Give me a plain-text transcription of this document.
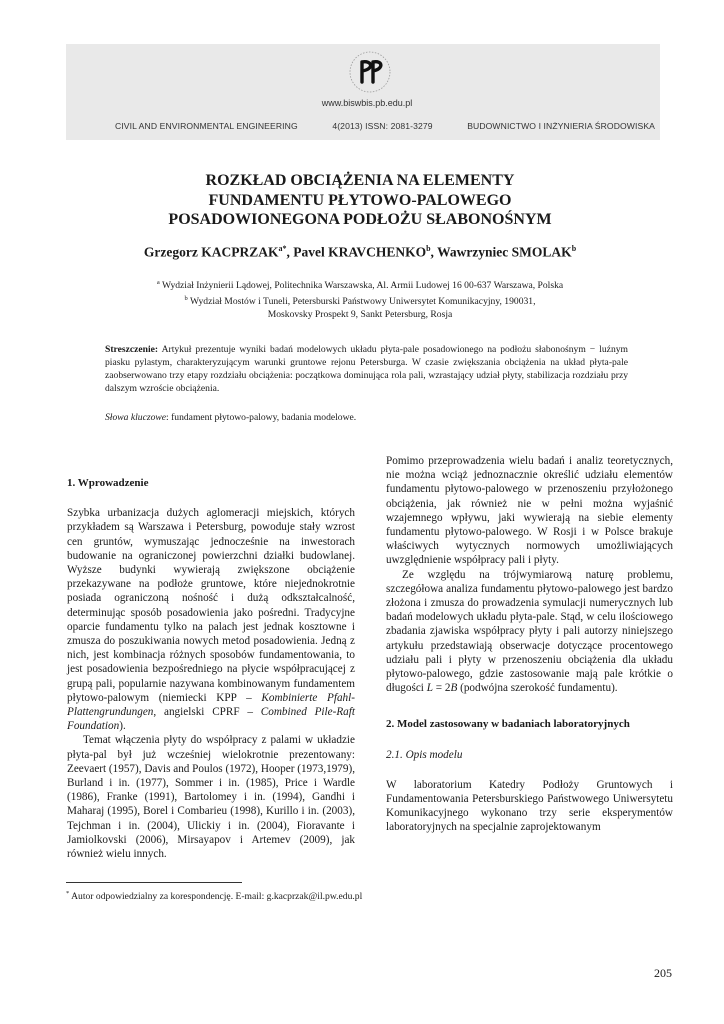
www.biswbis.pb.edu.pl
CIVIL AND ENVIRONMENTAL ENGINEERING	4(2013) ISSN: 2081-3279	BUDOWNICTWO I INŻYNIERIA ŚRODOWISKA
ROZKŁAD OBCIĄŻENIA NA ELEMENTY
FUNDAMENTU PŁYTOWO-PALOWEGO
POSADOWIONEGONA PODŁOŻU SŁABONOŚNYM
Grzegorz $KACPRZAK^{a*}$, Pavel KRAVCHENKO$^b$, Wawrzyniec SMOLAK$^b$
$^a$ Wydział Inżynierii Lądowej, Politechnika Warszawska, Al. Armii Ludowej 16 00-637 Warszawa, Polska
$^b$ Wydział Mostów i Tuneli, Petersburski Państwowy Uniwersytet Komunikacyjny, 190031,
Moskovsky Prospekt 9, Sankt Petersburg, Rosja
Streszczenie: Artykuł prezentuje wyniki badań modelowych układu płyta-pale posadowionego na podłożu słabonośnym − luźnym piasku pylastym, charakteryzującym warunki gruntowe rejonu Petersburga. W czasie zwiększania obciążenia na układ płyta-pale zaobserwowano trzy etapy rozdziału obciążenia: początkowa dominująca rola pali, wzrastający udział płyty, stabilizacja rozdziału przy dalszym wzroście obciążenia.
Słowa kluczowe: fundament płytowo-palowy, badania modelowe.

1. Wprowadzenie

Szybka urbanizacja dużych aglomeracji miejskich, których przykładem są Warszawa i Petersburg, powoduje stały wzrost cen gruntów, wymuszając jednocześnie na inwestorach budowanie na ograniczonej powierzchni działki budowlanej. Wyższe budynki wywierają zwiększone obciążenie przekazywane na podłoże gruntowe, które niejednokrotnie posiada ograniczoną nośność i dużą odkształcalność, determinując sposób posadowienia jako pośredni. Tradycyjne oparcie fundamentu tylko na palach jest jednak kosztowne i zmusza do poszukiwania nowych metod posadowienia. Jedną z nich, jest kombinacja różnych sposobów fundamentowania, to jest posadowienia bezpośredniego na płycie współpracującej z grupą pali, popularnie nazywana kombinowanym fundamentem płytowo-palowym (niemiecki KPP – Kombinierte Pfahl-Plattengrundungen, angielski CPRF – Combined Pile-Raft Foundation).

Temat włączenia płyty do współpracy z palami w układzie płyta-pal był już wcześniej wielokrotnie prezentowany: Zeevaert (1957), Davis and Poulos (1972), Hooper (1973,1979), Burland i in. (1977), Sommer i in. (1985), Price i Wardle (1986), Franke (1991), Bartolomey i in. (1994), Gandhi i Maharaj (1995), Borel i Combarieu (1998), Kurillo i in. (2003), Tejchman i in. (2004), Ulickiy i in. (2004), Fioravante i Jamiolkovski (2006), Mirsayapov i Artemev (2009), jak również wielu innych.

Pomimo przeprowadzenia wielu badań i analiz teoretycznych, nie można wciąż jednoznacznie określić udziału elementów fundamentu płytowo-palowego w przenoszeniu przyłożonego obciążenia, jak również nie w pełni można wyjaśnić wzajemnego wpływu, jaki wywierają na siebie elementy fundamentu płytowo-palowego. W Rosji i w Polsce brakuje właściwych wytycznych normowych umożliwiających uwzględnienie współpracy pali i płyty.

Ze względu na trójwymiarową naturę problemu, szczegółowa analiza fundamentu płytowo-palowego jest bardzo złożona i zmusza do prowadzenia symulacji numerycznych lub badań modelowych układu płyta-pale. Stąd, w celu ilościowego zbadania zjawiska współpracy płyty i pali autorzy niniejszego artykułu przedstawiają obserwacje dotyczące procentowego udziału pali i płyty w przenoszeniu obciążenia dla układu płytowo-palowego, gdzie zastosowanie mają pale krótkie o długości L = 2B (podwójna szerokość fundamentu).

2. Model zastosowany w badaniach laboratoryjnych

2.1. Opis modelu

W laboratorium Katedry Podłoży Gruntowych i Fundamentowania Petersburskiego Państwowego Uniwersytetu Komunikacyjnego wykonano trzy serie eksperymentów laboratoryjnych na specjalnie zaprojektowanym

* Autor odpowiedzialny za korespondencję. E-mail: g.kacprzak@il.pw.edu.pl
205
